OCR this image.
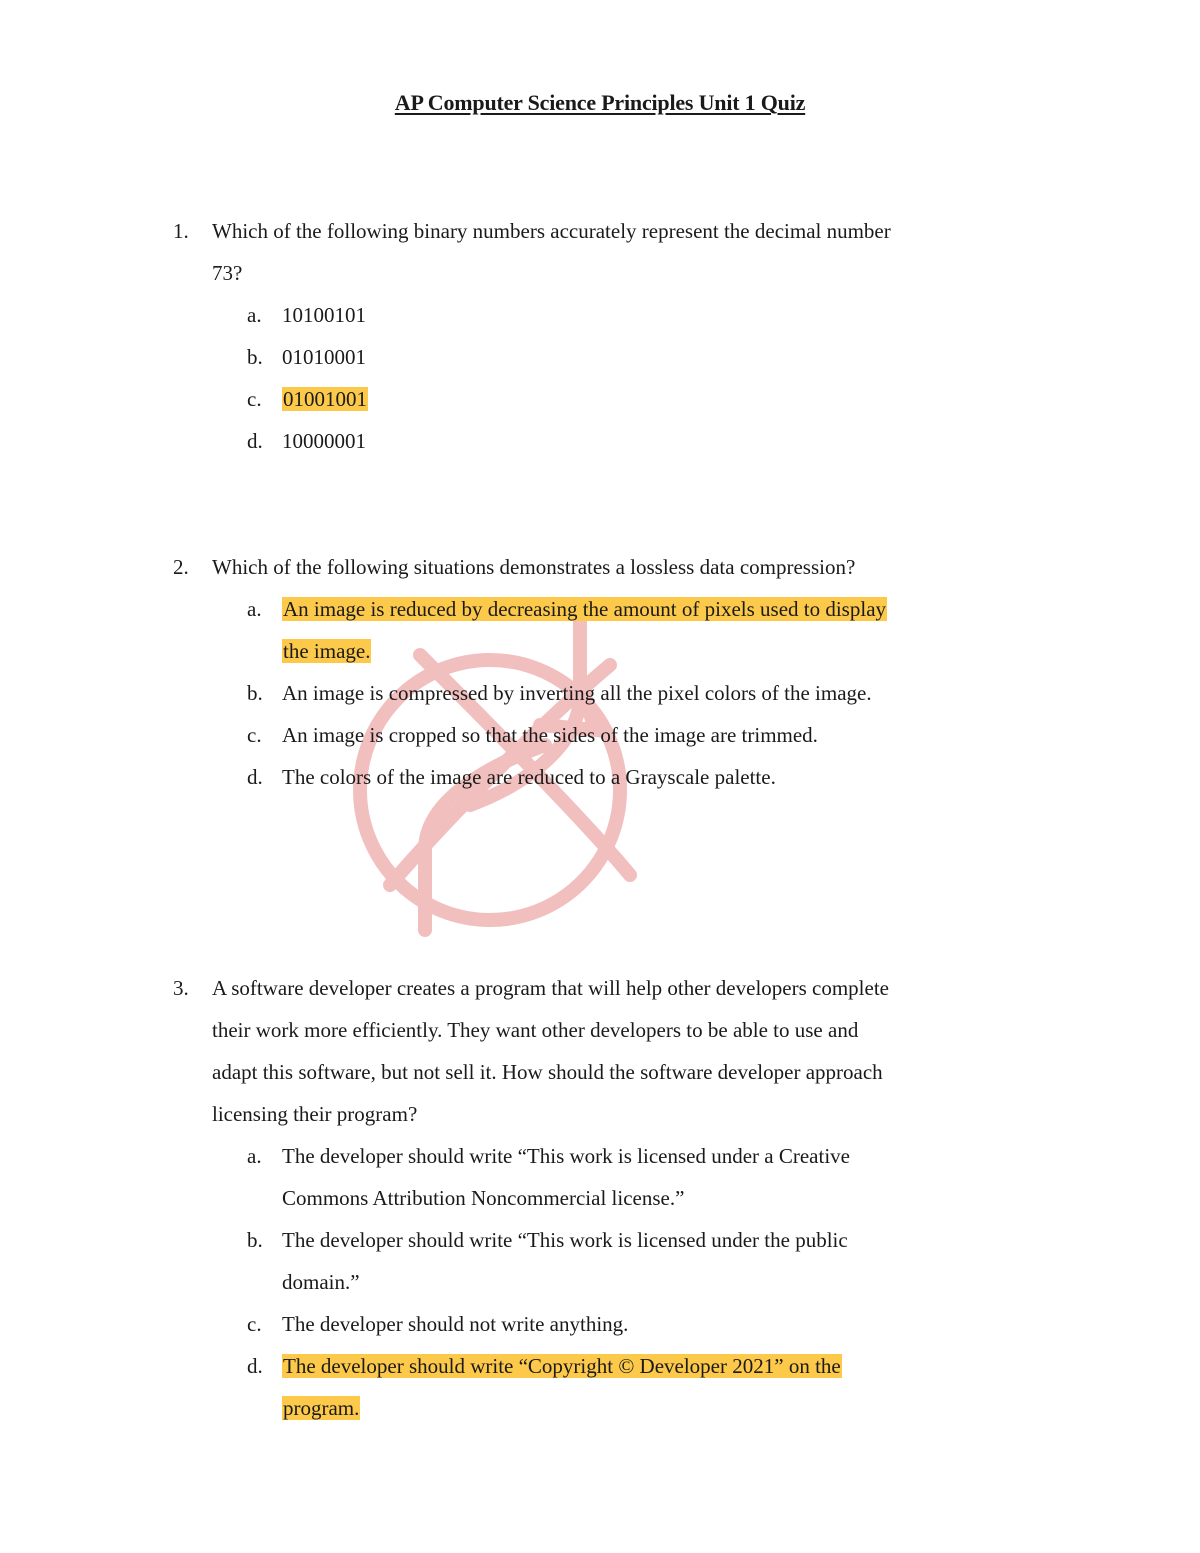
AP Computer Science Principles Unit 1 Quiz
1. Which of the following binary numbers accurately represent the decimal number 73?
a. 10100101
b. 01010001
c. 01001001
d. 10000001
2. Which of the following situations demonstrates a lossless data compression?
a. An image is reduced by decreasing the amount of pixels used to display the image.
b. An image is compressed by inverting all the pixel colors of the image.
c. An image is cropped so that the sides of the image are trimmed.
d. The colors of the image are reduced to a Grayscale palette.
3. A software developer creates a program that will help other developers complete their work more efficiently. They want other developers to be able to use and adapt this software, but not sell it. How should the software developer approach licensing their program?
a. The developer should write “This work is licensed under a Creative Commons Attribution Noncommercial license.”
b. The developer should write “This work is licensed under the public domain.”
c. The developer should not write anything.
d. The developer should write “Copyright © Developer 2021” on the program.
